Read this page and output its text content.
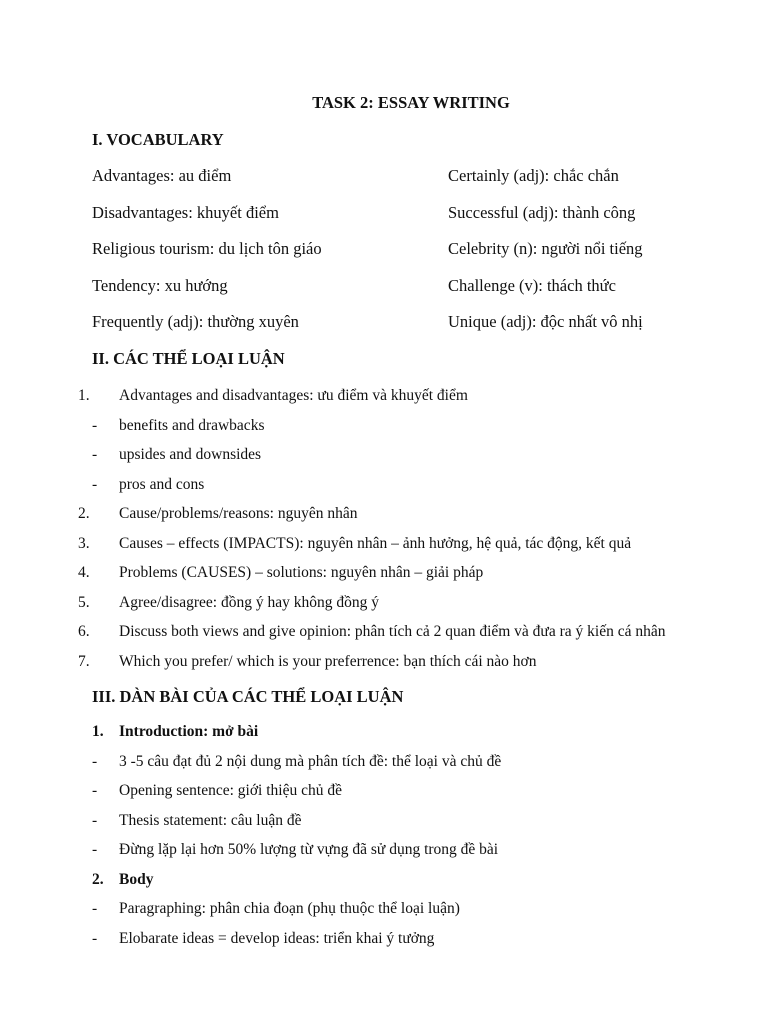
TASK 2: ESSAY WRITING
I. VOCABULARY
Advantages: au điểm	Certainly (adj): chắc chắn
Disadvantages: khuyết điểm	Successful (adj): thành công
Religious tourism: du lịch tôn giáo	Celebrity (n): người nổi tiếng
Tendency: xu hướng	Challenge (v): thách thức
Frequently (adj): thường xuyên	Unique (adj): độc nhất vô nhị
II. CÁC THỂ LOẠI LUẬN
1. Advantages and disadvantages: ưu điểm và khuyết điểm
- benefits and drawbacks
- upsides and downsides
- pros and cons
2. Cause/problems/reasons: nguyên nhân
3. Causes – effects (IMPACTS): nguyên nhân – ảnh hưởng, hệ quả, tác động, kết quả
4. Problems (CAUSES) – solutions: nguyên nhân – giải pháp
5. Agree/disagree: đồng ý hay không đồng ý
6. Discuss both views and give opinion: phân tích cả 2 quan điểm và đưa ra ý kiến cá nhân
7. Which you prefer/ which is your preferrence: bạn thích cái nào hơn
III. DÀN BÀI CỦA CÁC THỂ LOẠI LUẬN
1. Introduction: mở bài
- 3 -5 câu đạt đủ 2 nội dung mà phân tích đề: thể loại và chủ đề
- Opening sentence: giới thiệu chủ đề
- Thesis statement: câu luận đề
- Đừng lặp lại hơn 50% lượng từ vựng đã sử dụng trong đề bài
2. Body
- Paragraphing: phân chia đoạn (phụ thuộc thể loại luận)
- Elobarate ideas = develop ideas: triển khai ý tưởng
